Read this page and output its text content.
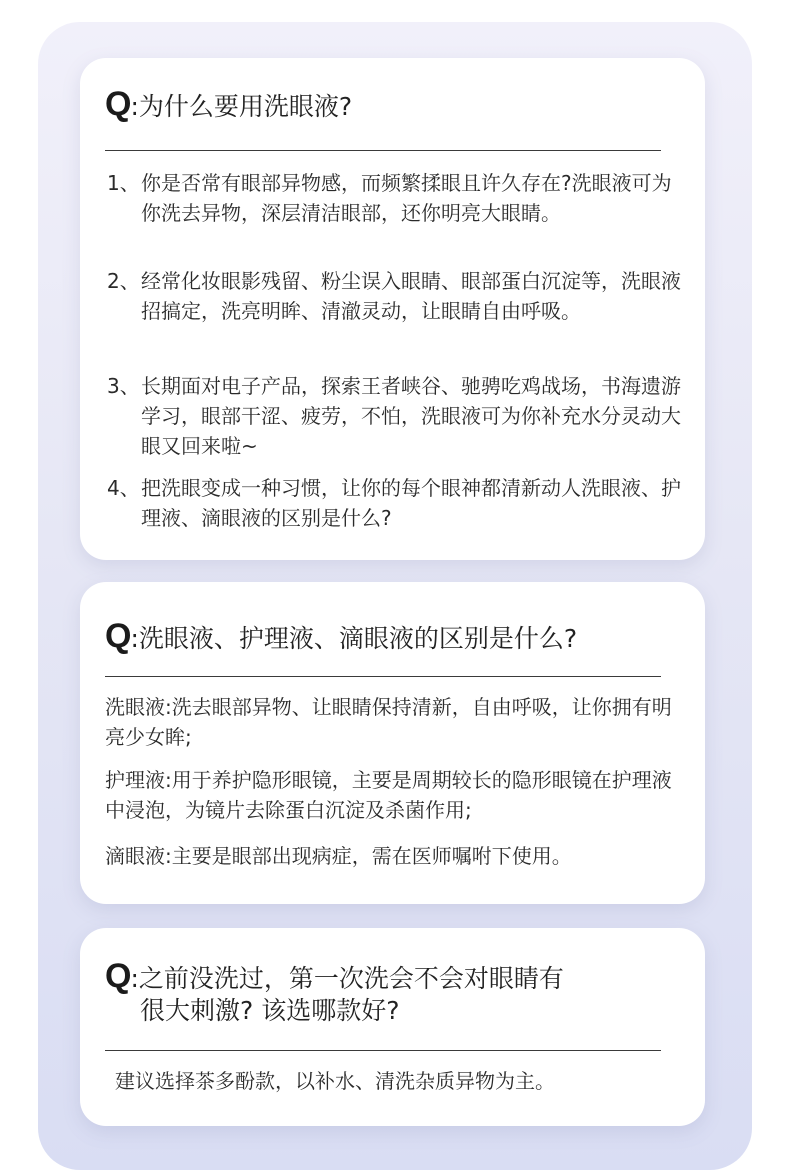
Q:为什么要用洗眼液?
1、 你是否常有眼部异物感，而频繁揉眼且许久存在?洗眼液可为你洗去异物，深层清洁眼部，还你明亮大眼睛。
2、 经常化妆眼影残留、粉尘误入眼睛、眼部蛋白沉淀等，洗眼液招搞定，洗亮明眸、清澈灵动，让眼睛自由呼吸。
3、 长期面对电子产品，探索王者峡谷、驰骋吃鸡战场，书海遗游学习，眼部干涩、疲劳，不怕，洗眼液可为你补充水分灵动大眼又回来啦~
4、 把洗眼变成一种习惯，让你的每个眼神都清新动人洗眼液、护理液、滴眼液的区别是什么?
Q:洗眼液、护理液、滴眼液的区别是什么?
洗眼液:洗去眼部异物、让眼睛保持清新，自由呼吸，让你拥有明亮少女眸;
护理液:用于养护隐形眼镜，主要是周期较长的隐形眼镜在护理液中浸泡，为镜片去除蛋白沉淀及杀菌作用;
滴眼液:主要是眼部出现病症，需在医师嘱咐下使用。
Q:之前没洗过，第一次洗会不会对眼睛有
很大刺激? 该选哪款好?
建议选择茶多酚款，以补水、清洗杂质异物为主。
